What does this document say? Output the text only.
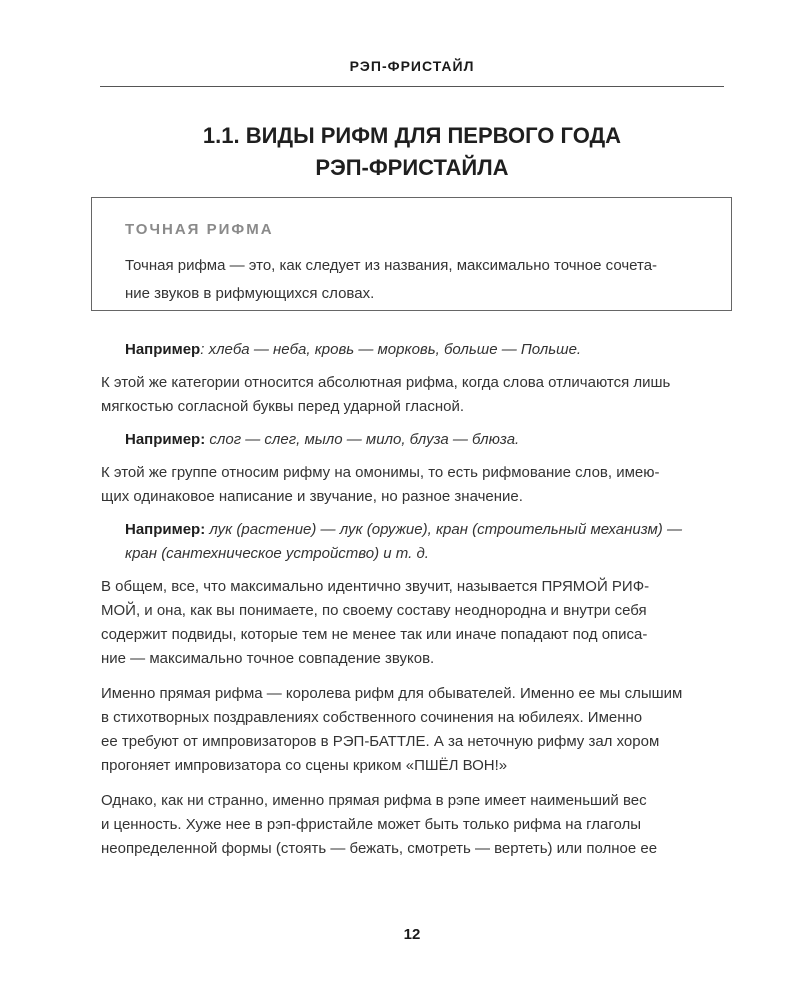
РЭП-ФРИСТАЙЛ
1.1. ВИДЫ РИФМ ДЛЯ ПЕРВОГО ГОДА
РЭП-ФРИСТАЙЛА
ТОЧНАЯ РИФМА
Точная рифма — это, как следует из названия, максимально точное сочета-
ние звуков в рифмующихся словах.
Например: хлеба — неба, кровь — морковь, больше — Польше.
К этой же категории относится абсолютная рифма, когда слова отличаются лишь
мягкостью согласной буквы перед ударной гласной.
Например: слог — слег, мыло — мило, блуза — блюза.
К этой же группе относим рифму на омонимы, то есть рифмование слов, имею-
щих одинаковое написание и звучание, но разное значение.
Например: лук (растение) — лук (оружие), кран (строительный механизм) —
кран (сантехническое устройство) и т. д.
В общем, все, что максимально идентично звучит, называется ПРЯМОЙ РИФ-
МОЙ, и она, как вы понимаете, по своему составу неоднородна и внутри себя
содержит подвиды, которые тем не менее так или иначе попадают под описа-
ние — максимально точное совпадение звуков.
Именно прямая рифма — королева рифм для обывателей. Именно ее мы слышим
в стихотворных поздравлениях собственного сочинения на юбилеях. Именно
ее требуют от импровизаторов в РЭП-БАТТЛЕ. А за неточную рифму зал хором
прогоняет импровизатора со сцены криком «ПШЁЛ ВОН!»
Однако, как ни странно, именно прямая рифма в рэпе имеет наименьший вес
и ценность. Хуже нее в рэп-фристайле может быть только рифма на глаголы
неопределенной формы (стоять — бежать, смотреть — вертеть) или полное ее
12
